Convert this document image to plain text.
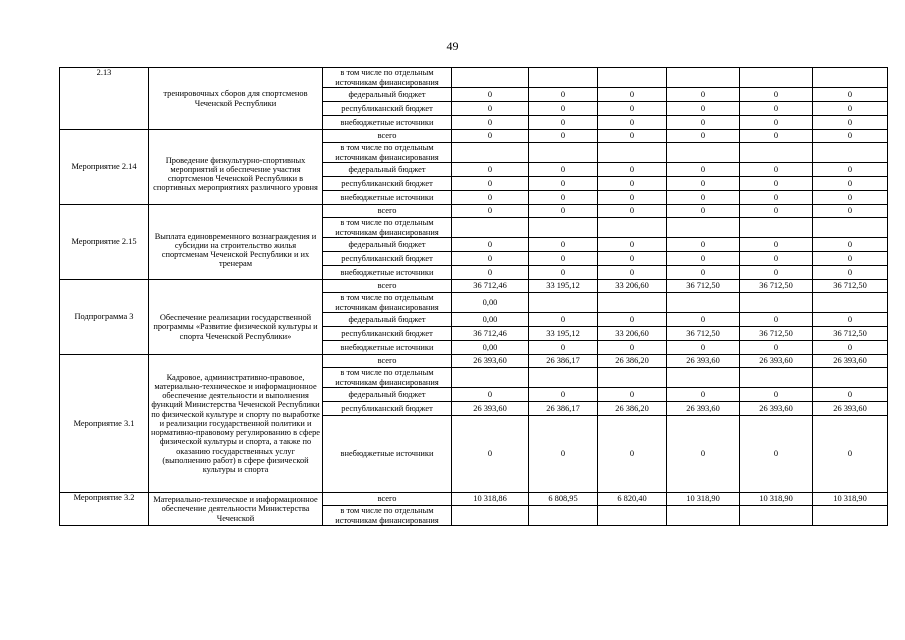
49
2.13	тренировочных сборов для спортсменов Чеченской Республики	в том числе по отдельным источникам финансирования						
		федеральный бюджет	0	0	0	0	0	0
		республиканский бюджет	0	0	0	0	0	0
		внебюджетные источники	0	0	0	0	0	0
Мероприятие 2.14	Проведение физкультурно-спортивных мероприятий и обеспечение участия спортсменов Чеченской Республики в спортивных мероприятиях различного уровня	всего	0	0	0	0	0	0
		в том числе по отдельным источникам финансирования						
		федеральный бюджет	0	0	0	0	0	0
		республиканский бюджет	0	0	0	0	0	0
		внебюджетные источники	0	0	0	0	0	0
Мероприятие 2.15	Выплата единовременного вознаграждения и субсидии на строительство жилья спортсменам Чеченской Республики и их тренерам	всего	0	0	0	0	0	0
		в том числе по отдельным источникам финансирования						
		федеральный бюджет	0	0	0	0	0	0
		республиканский бюджет	0	0	0	0	0	0
		внебюджетные источники	0	0	0	0	0	0
Подпрограмма 3	Обеспечение реализации государственной программы «Развитие физической культуры и спорта Чеченской Республики»	всего	36 712,46	33 195,12	33 206,60	36 712,50	36 712,50	36 712,50
		в том числе по отдельным источникам финансирования	0,00					
		федеральный бюджет	0,00	0	0	0	0	0
		республиканский бюджет	36 712,46	33 195,12	33 206,60	36 712,50	36 712,50	36 712,50
		внебюджетные источники	0,00	0	0	0	0	0
Мероприятие 3.1	Кадровое, административно-правовое, материально-техническое и информационное обеспечение деятельности и выполнения функций Министерства Чеченской Республики по физической культуре и спорту по выработке и реализации государственной политики и нормативно-правовому регулированию в сфере физической культуры и спорта, а также по оказанию государственных услуг (выполнению работ) в сфере физической культуры и спорта	всего	26 393,60	26 386,17	26 386,20	26 393,60	26 393,60	26 393,60
		в том числе по отдельным источникам финансирования						
		федеральный бюджет	0	0	0	0	0	0
		республиканский бюджет	26 393,60	26 386,17	26 386,20	26 393,60	26 393,60	26 393,60
		внебюджетные источники	0	0	0	0	0	0
Мероприятие 3.2	Материально-техническое и информационное обеспечение деятельности Министерства Чеченской	всего	10 318,86	6 808,95	6 820,40	10 318,90	10 318,90	10 318,90
		в том числе по отдельным источникам финансирования						
